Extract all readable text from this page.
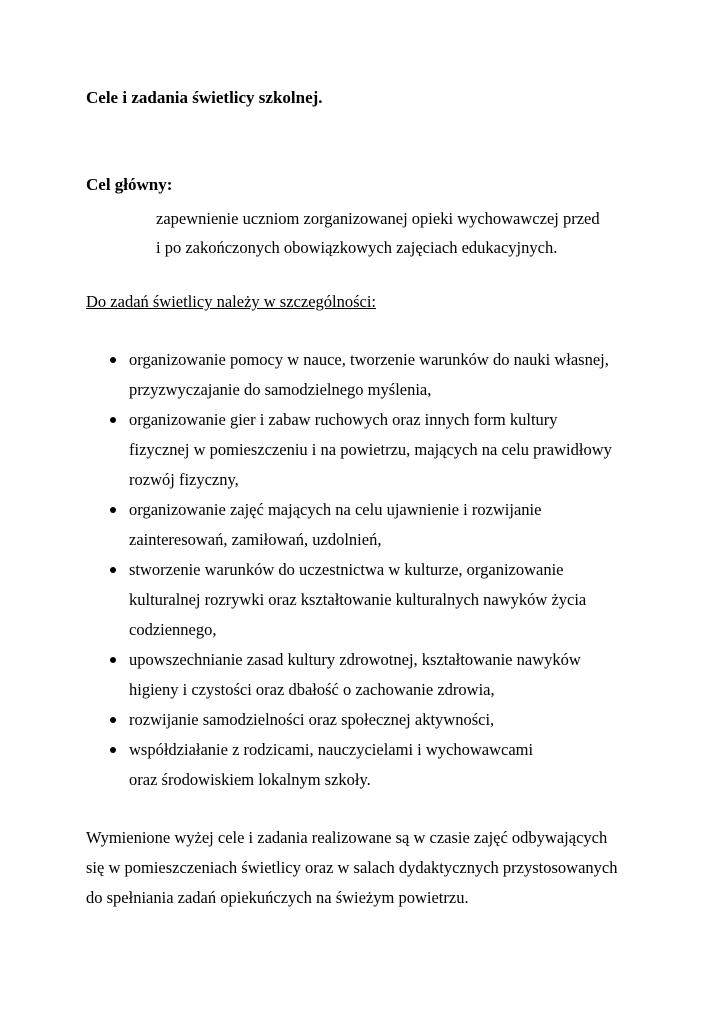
Cele i zadania świetlicy szkolnej.
Cel główny:
zapewnienie uczniom zorganizowanej opieki wychowawczej przed
i po zakończonych obowiązkowych zajęciach edukacyjnych.
Do zadań świetlicy należy w szczególności:
organizowanie pomocy w nauce, tworzenie warunków do nauki własnej,
przyzwyczajanie do samodzielnego myślenia,
organizowanie gier i zabaw ruchowych oraz innych form kultury
fizycznej w pomieszczeniu i na powietrzu, mających na celu prawidłowy
rozwój fizyczny,
organizowanie zajęć mających na celu ujawnienie i rozwijanie
zainteresowań, zamiłowań, uzdolnień,
stworzenie warunków do uczestnictwa w kulturze, organizowanie
kulturalnej rozrywki oraz kształtowanie kulturalnych nawyków życia
codziennego,
upowszechnianie zasad kultury zdrowotnej, kształtowanie nawyków
higieny i czystości oraz dbałość o zachowanie zdrowia,
rozwijanie samodzielności oraz społecznej aktywności,
współdziałanie z rodzicami, nauczycielami i wychowawcami
oraz środowiskiem lokalnym szkoły.
Wymienione wyżej cele i zadania realizowane są w czasie zajęć odbywających
się w pomieszczeniach świetlicy oraz w salach dydaktycznych przystosowanych
do spełniania zadań opiekuńczych na świeżym powietrzu.
